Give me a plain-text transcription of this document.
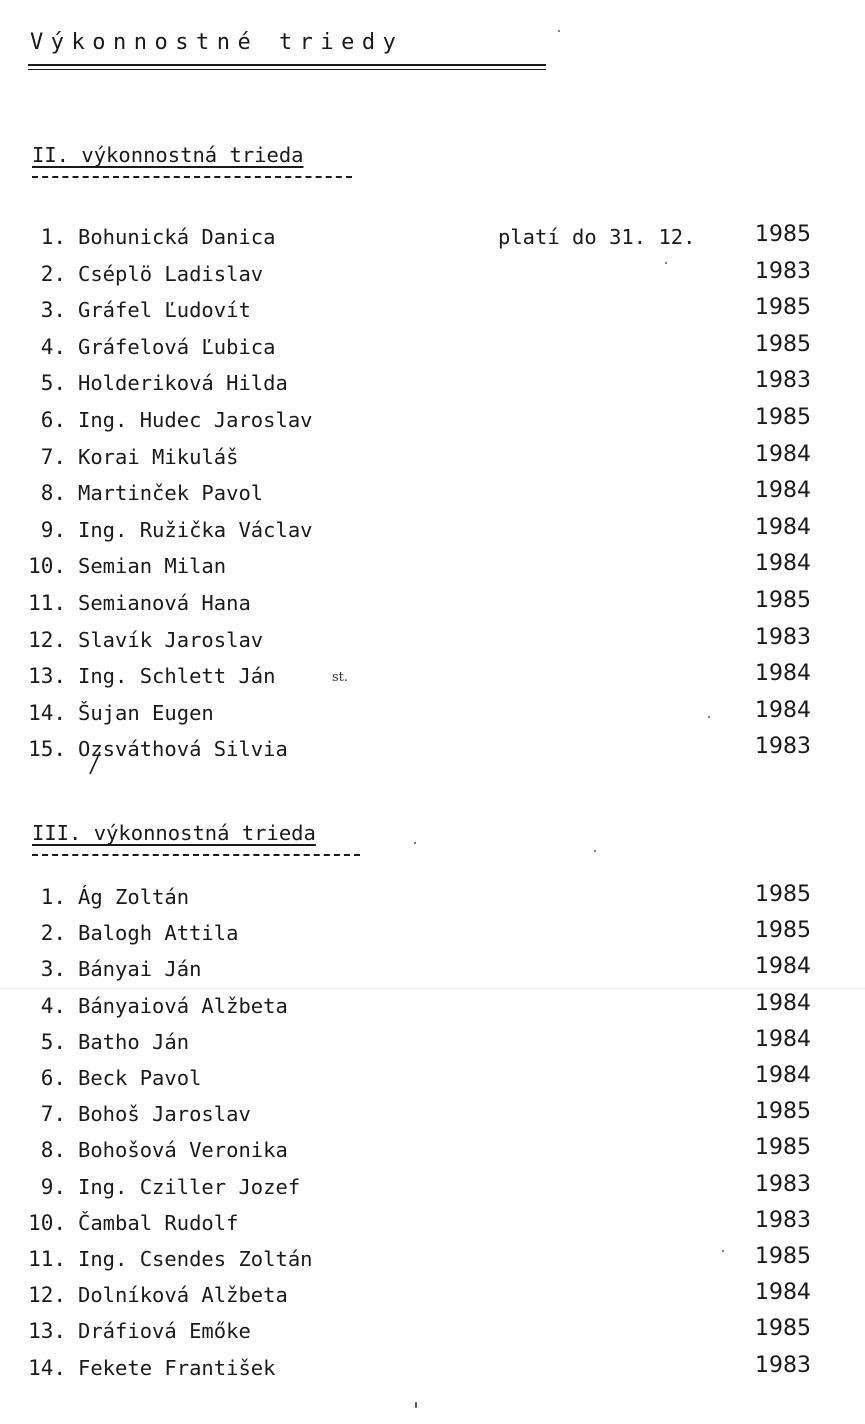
Výkonnostné triedy
II. výkonnostná trieda
1. Bohunická Danica	platí do 31. 12.	1985
2. Cséplö Ladislav	1983
3. Gráfel Ľudovít	1985
4. Gráfelová Ľubica	1985
5. Holderiková Hilda	1983
6. Ing. Hudec Jaroslav	1985
7. Korai Mikuláš	1984
8. Martinček Pavol	1984
9. Ing. Ružička Václav	1984
10. Semian Milan	1984
11. Semianová Hana	1985
12. Slavík Jaroslav	1983
13. Ing. Schlett Ján	1984
14. Šujan Eugen	1984
15. Ozsváthová Silvia	1983
III. výkonnostná trieda
1. Ág Zoltán	1985
2. Balogh Attila	1985
3. Bányai Ján	1984
4. Bányaiová Alžbeta	1984
5. Batho Ján	1984
6. Beck Pavol	1984
7. Bohoš Jaroslav	1985
8. Bohošová Veronika	1985
9. Ing. Cziller Jozef	1983
10. Čambal Rudolf	1983
11. Ing. Csendes Zoltán	1985
12. Dolníková Alžbeta	1984
13. Dráfiová Emőke	1985
14. Fekete František	1983
st.
